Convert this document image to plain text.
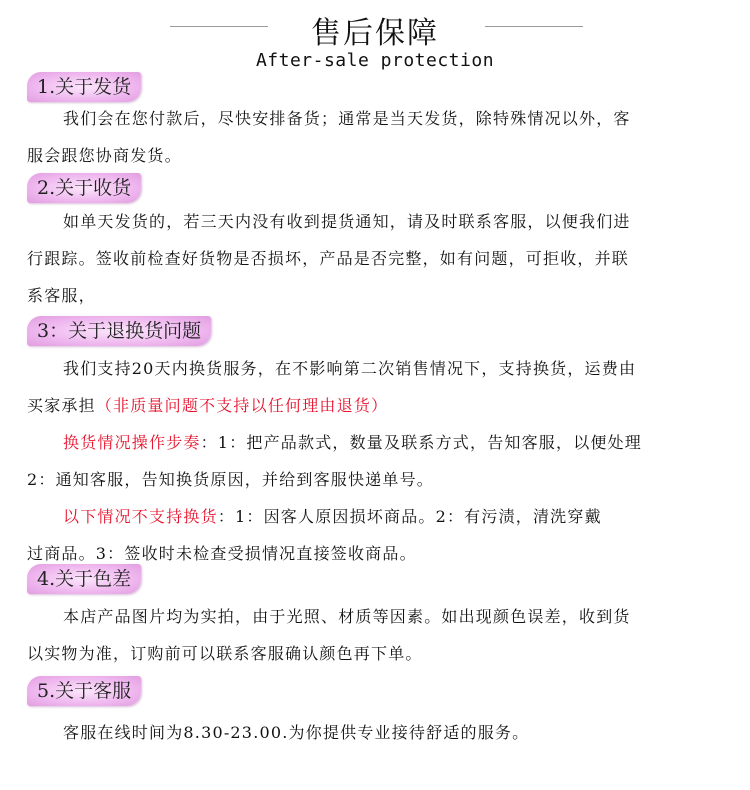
售后保障
After-sale protection
1.关于发货
我们会在您付款后，尽快安排备货；通常是当天发货，除特殊情况以外，客
服会跟您协商发货。
2.关于收货
如单天发货的，若三天内没有收到提货通知，请及时联系客服，以便我们进
行跟踪。签收前检查好货物是否损坏，产品是否完整，如有问题，可拒收，并联
系客服，
3：关于退换货问题
我们支持20天内换货服务，在不影响第二次销售情况下，支持换货，运费由
买家承担（非质量问题不支持以任何理由退货）
换货情况操作步奏：1：把产品款式，数量及联系方式，告知客服，以便处理
2：通知客服，告知换货原因，并给到客服快递单号。
以下情况不支持换货：1：因客人原因损坏商品。2：有污渍，清洗穿戴
过商品。3：签收时未检查受损情况直接签收商品。
4.关于色差
本店产品图片均为实拍，由于光照、材质等因素。如出现颜色误差，收到货
以实物为准，订购前可以联系客服确认颜色再下单。
5.关于客服
客服在线时间为8.30-23.00.为你提供专业接待舒适的服务。
